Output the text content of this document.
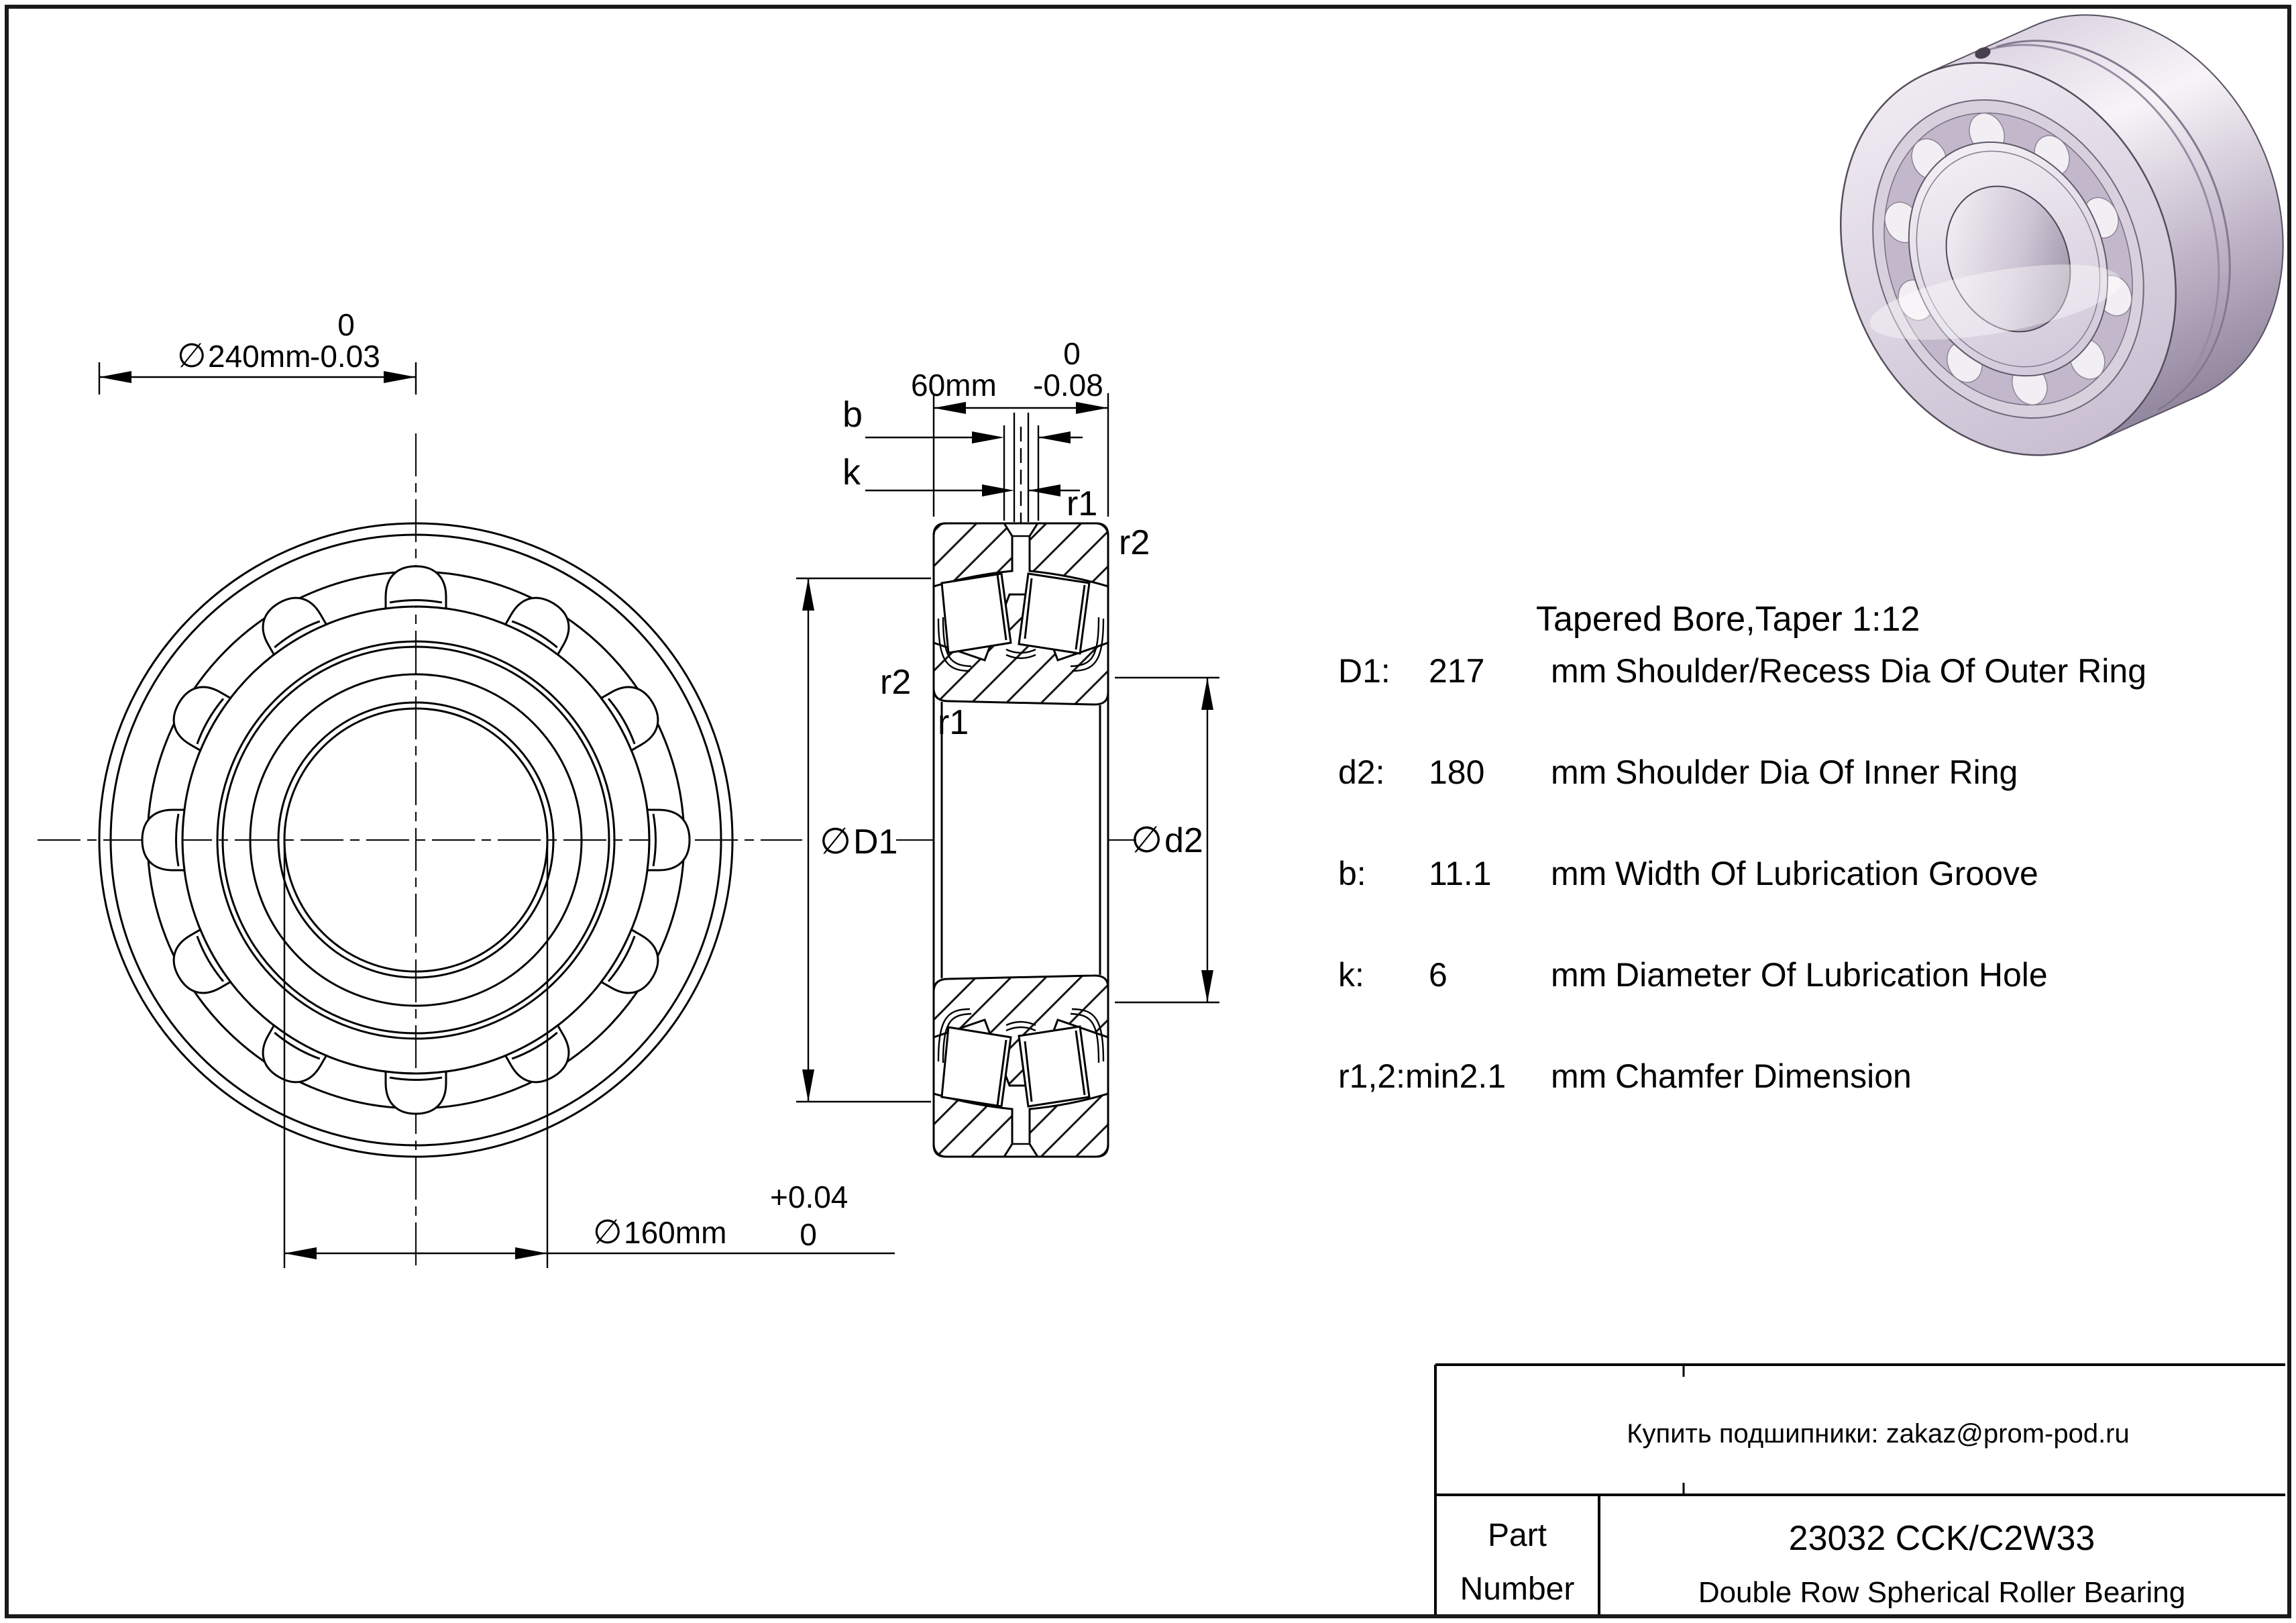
∅ 240mm
-0.03
0
∅ 160mm
+0.04
0
60mm -0.08
0
b
k
r1
r2
r2
r1
∅ D1	∅ d2
Tapered Bore,Taper 1:12
D1: 217 mm Shoulder/Recess Dia Of Outer Ring
d2: 180 mm Shoulder Dia Of Inner Ring
b: 11.1 mm Width Of Lubrication Groove
k: 6	mm Diameter Of Lubrication Hole
r1,2:min2.1 mm Chamfer Dimension
Купить подшипники: zakaz@prom-pod.ru
Part
Number
23032 CCK/C2W33
Double Row Spherical Roller Bearing
